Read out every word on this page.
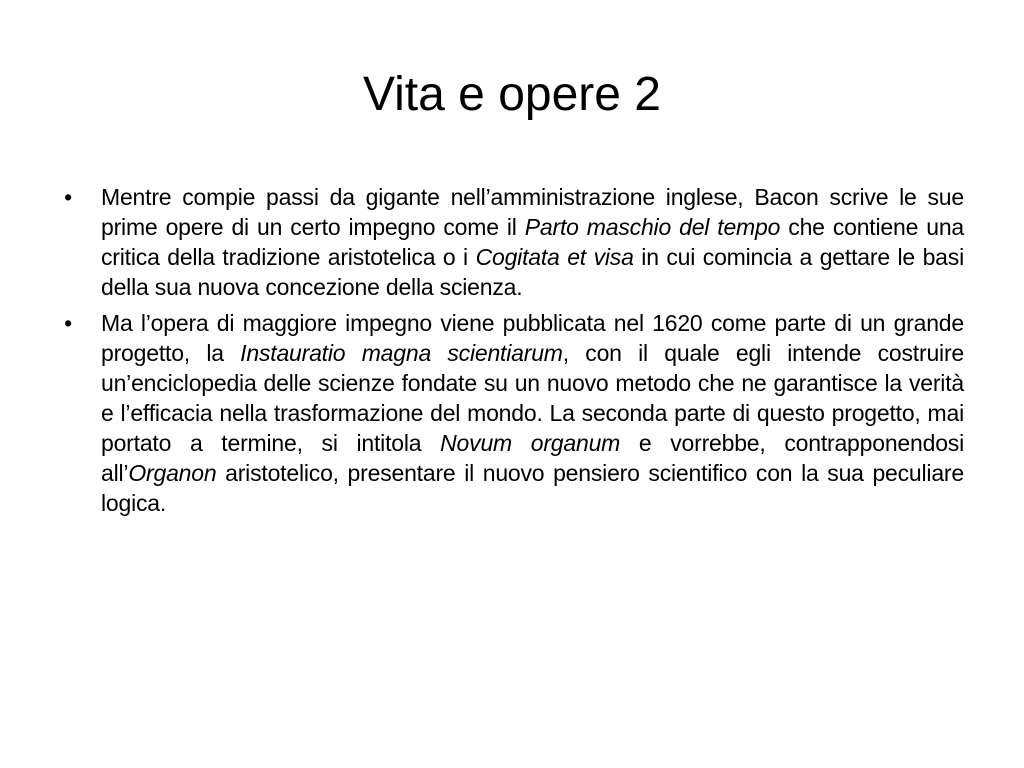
Vita e opere 2
• Mentre compie passi da gigante nell’amministrazione inglese, Bacon scrive le sue prime opere di un certo impegno come il Parto maschio del tempo che contiene una critica della tradizione aristotelica o i Cogitata et visa in cui comincia a gettare le basi della sua nuova concezione della scienza.
• Ma l’opera di maggiore impegno viene pubblicata nel 1620 come parte di un grande progetto, la Instauratio magna scientiarum, con il quale egli intende costruire un’enciclopedia delle scienze fondate su un nuovo metodo che ne garantisce la verità e l’efficacia nella trasformazione del mondo. La seconda parte di questo progetto, mai portato a termine, si intitola Novum organum e vorrebbe, contrapponendosi all’Organon aristotelico, presentare il nuovo pensiero scientifico con la sua peculiare logica.
